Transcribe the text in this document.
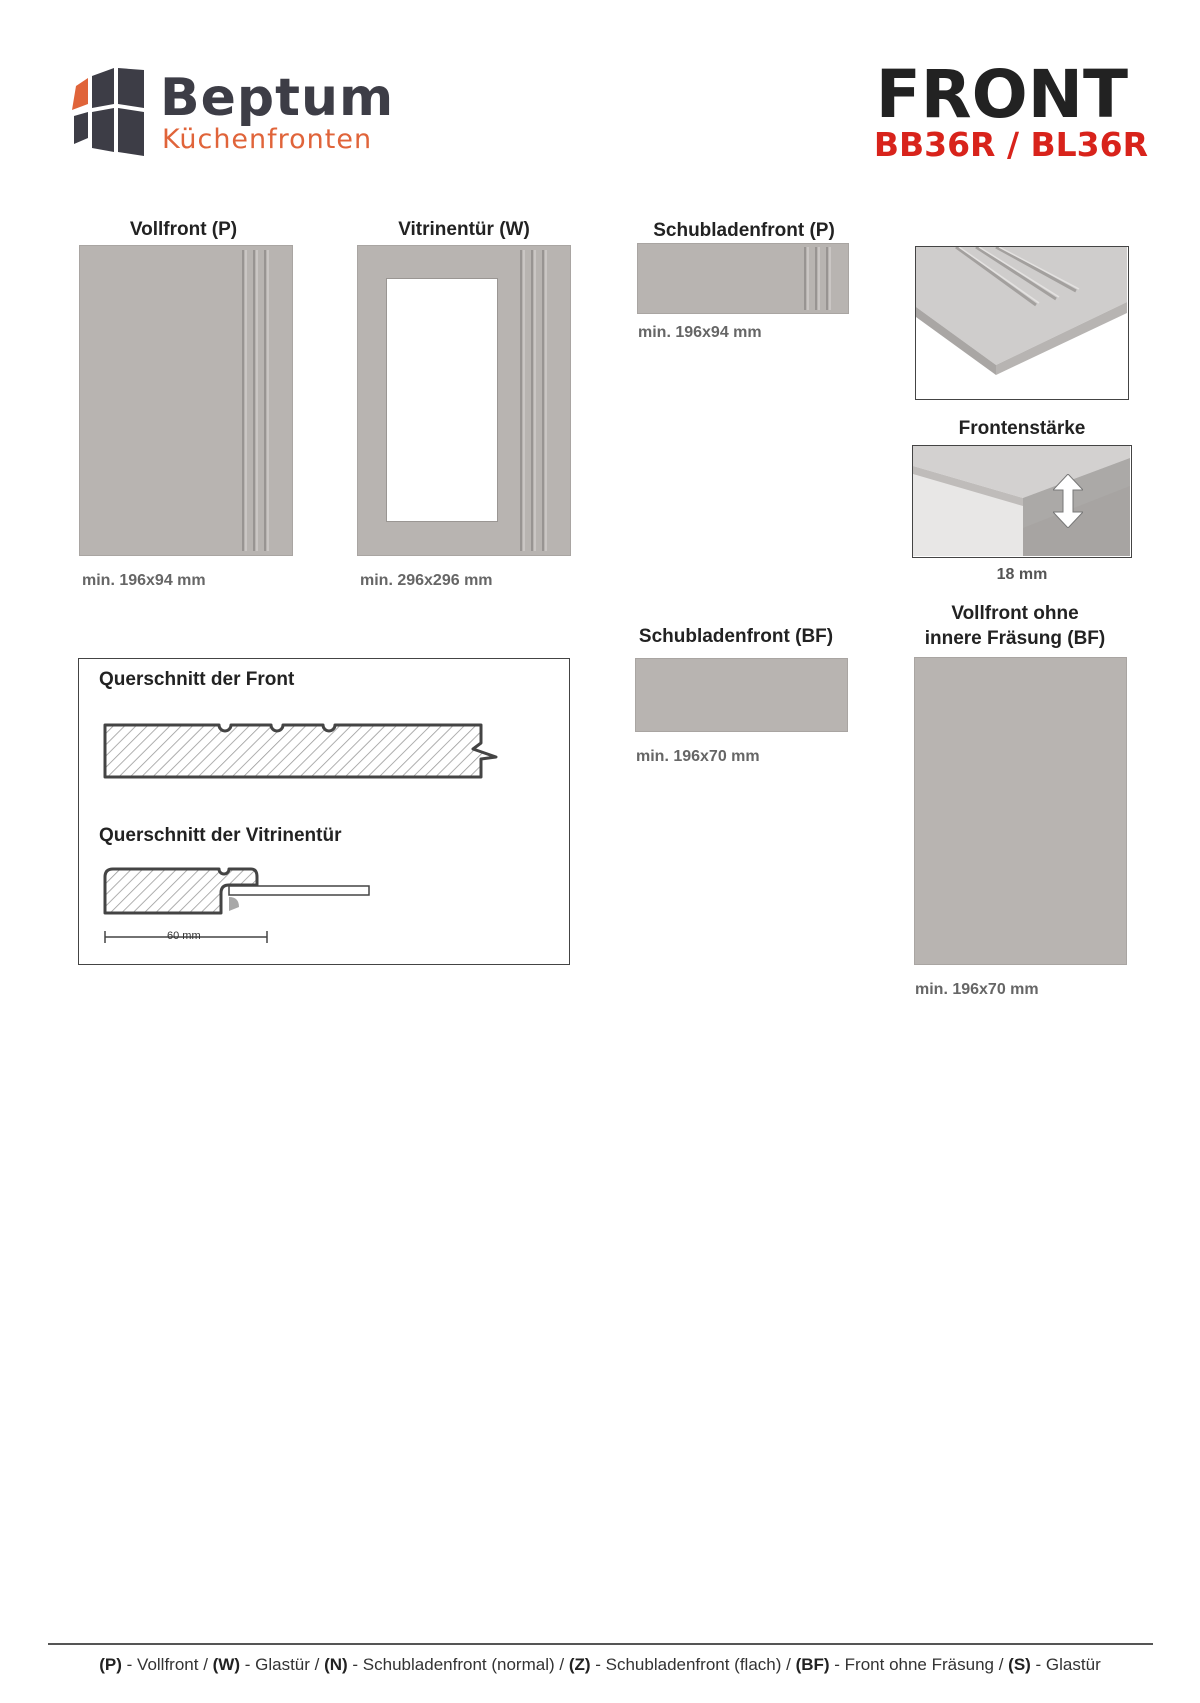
Beptum
Küchenfronten
FRONT
BB36R / BL36R
Vollfront (P)
min. 196x94 mm
Vitrinentür (W)
min. 296x296 mm
Schubladenfront (P)
min. 196x94 mm
Frontenstärke
18 mm
Schubladenfront (BF)
min. 196x70 mm
Vollfront ohne
innere Fräsung (BF)
min. 196x70 mm
Querschnitt der Front
Querschnitt der Vitrinentür
60 mm
(P) - Vollfront / (W) - Glastür / (N) - Schubladenfront (normal) / (Z) - Schubladenfront (flach) / (BF) - Front ohne Fräsung / (S) - Glastür
